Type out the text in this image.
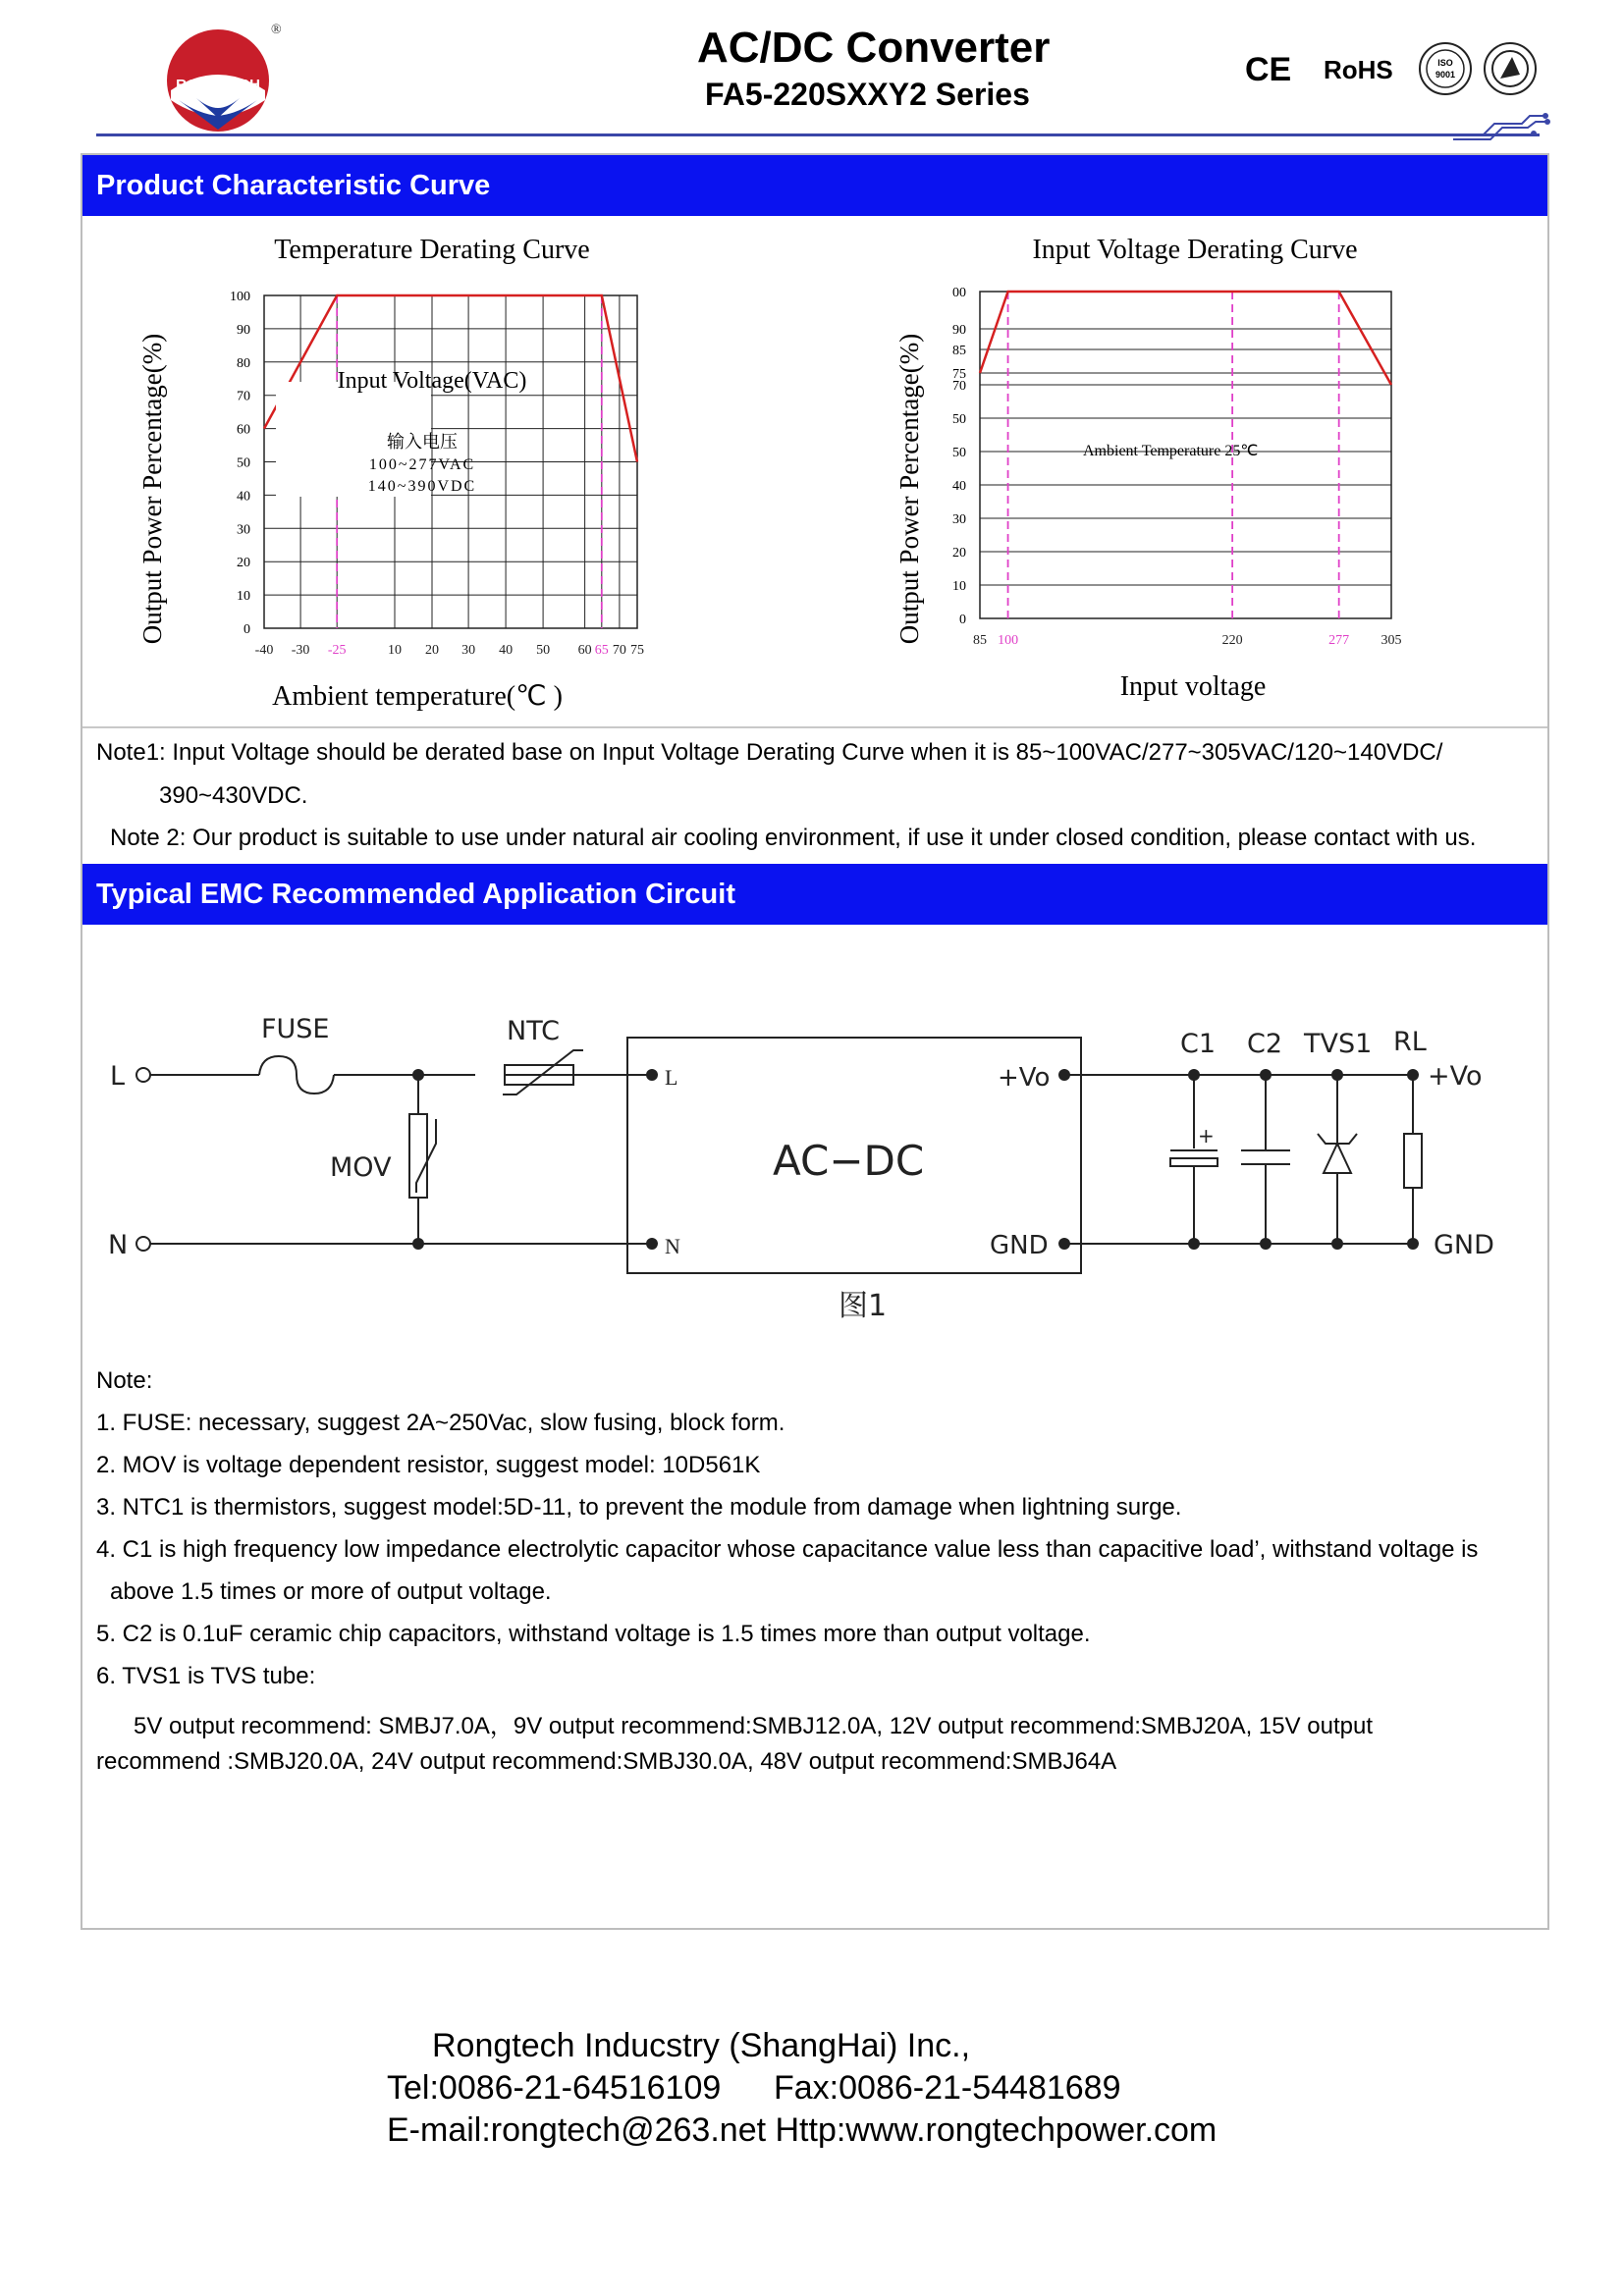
RONGTECH
®	AC/DC Converter
FA5-220SXXY2 Series
CE RoHS	ISO
9001
Product Characteristic Curve
Temperature Derating Curve
Output Power Percentage(%)
Ambient temperature(℃ )
0
10
20
30
40
50
60
70
80
90
100
-40 -30 -25	10 20 30 40 50 60 65 70 75
Input Voltage(VAC)
输入电压
100~277VAC
140~390VDC
Input Voltage Derating Curve
Output Power Percentage(%)
Input voltage
0
10
20
30
40
50
50
70
75
85
90
00
85 100	220	277 305
Ambient Temperature 25℃
Note1: Input Voltage should be derated base on Input Voltage Derating Curve when it is 85~100VAC/277~305VAC/120~140VDC/
390~430VDC.
Note 2: Our product is suitable to use under natural air cooling environment, if use it under closed condition, please contact with us.
Typical EMC Recommended Application Circuit
L
N
FUSE	NTC
MOV	AC−DC
L
N
+Vo
GND
C1 C2 TVS1 RL
+Vo
GND
+
图1
Note:
1. FUSE: necessary, suggest 2A~250Vac, slow fusing, block form.
2. MOV is voltage dependent resistor, suggest model: 10D561K
3. NTC1 is thermistors, suggest model:5D-11, to prevent the module from damage when lightning surge.
4. C1 is high frequency low impedance electrolytic capacitor whose capacitance value less than capacitive load’, withstand voltage is
above 1.5 times or more of output voltage.
5. C2 is 0.1uF ceramic chip capacitors, withstand voltage is 1.5 times more than output voltage.
6. TVS1 is TVS tube:
5V output recommend: SMBJ7.0A，9V output recommend:SMBJ12.0A, 12V output recommend:SMBJ20A, 15V output
recommend :SMBJ20.0A, 24V output recommend:SMBJ30.0A, 48V output recommend:SMBJ64A
Rongtech Inducstry (ShangHai) Inc.,
Tel:0086-21-64516109 Fax:0086-21-54481689
E-mail:rongtech@263.net Http:www.rongtechpower.com
